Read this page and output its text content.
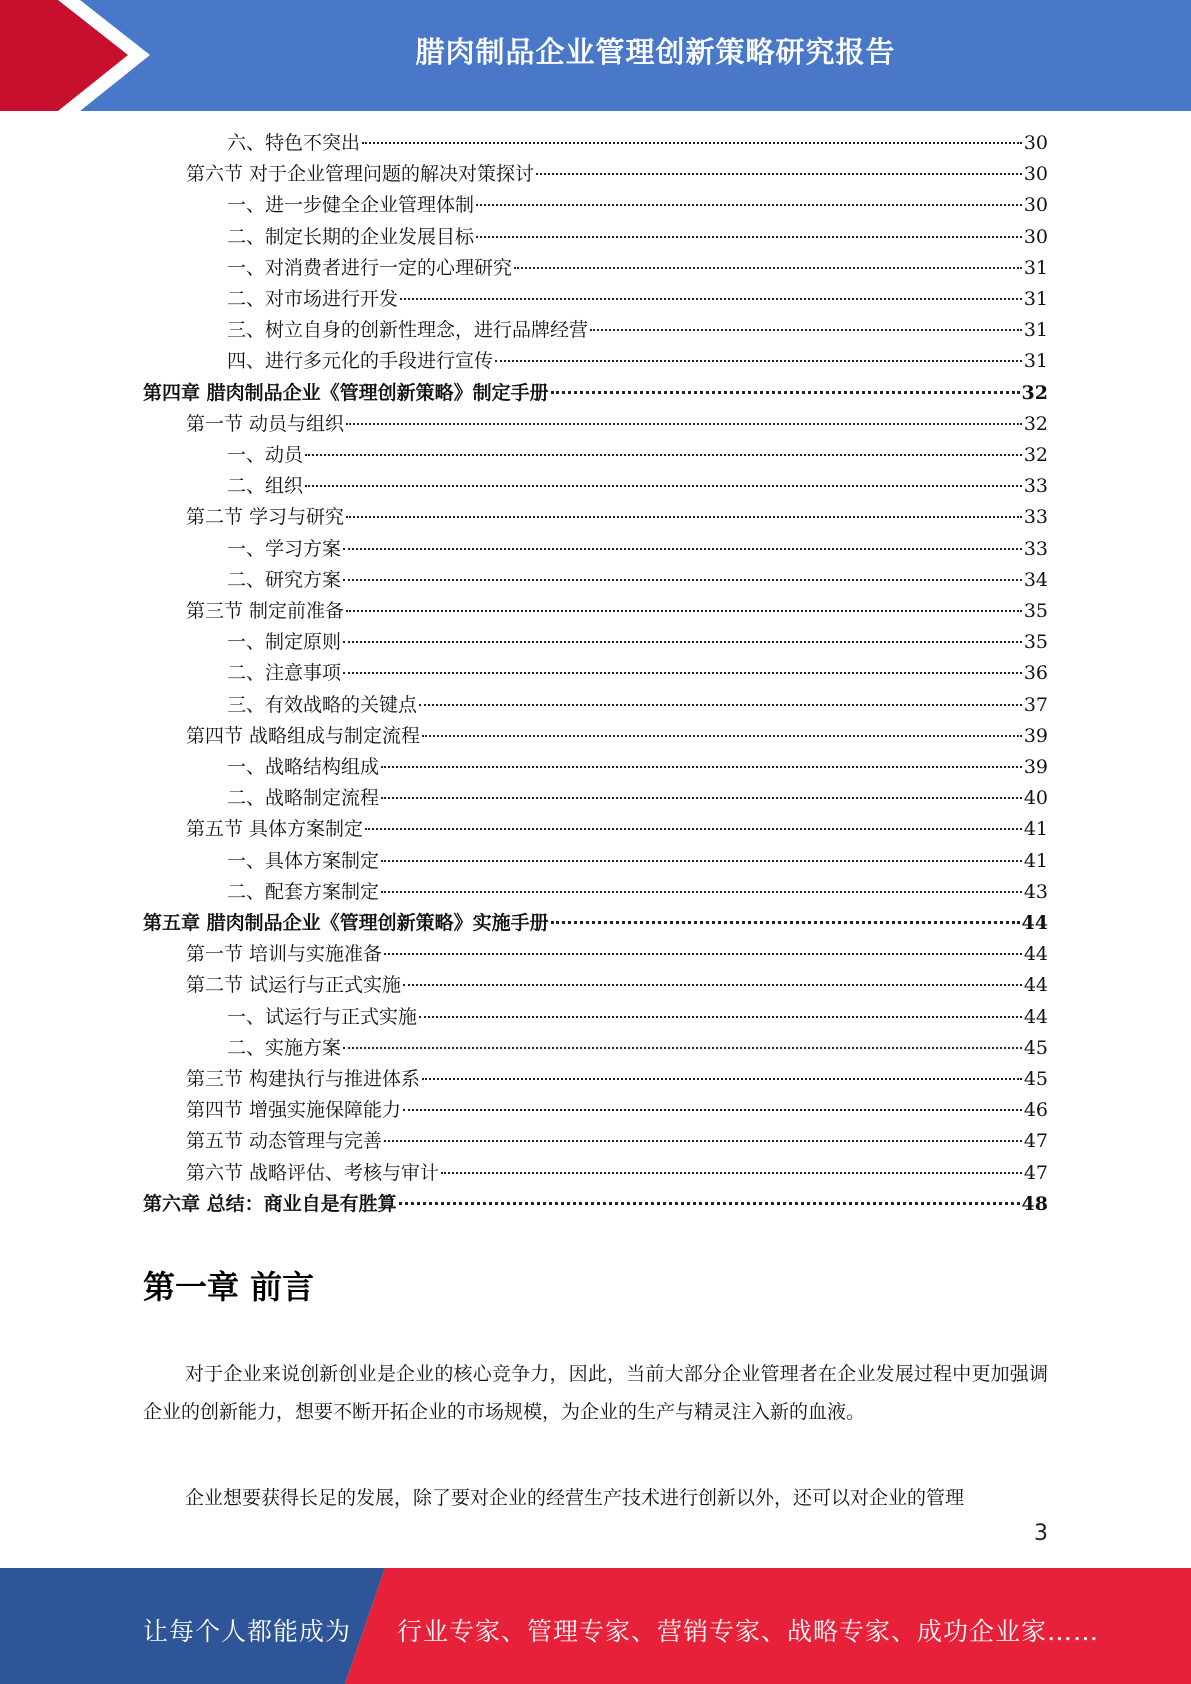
腊肉制品企业管理创新策略研究报告
六、特色不突出	30
第六节 对于企业管理问题的解决对策探讨	30
一、进一步健全企业管理体制	30
二、制定长期的企业发展目标	30
一、对消费者进行一定的心理研究	31
二、对市场进行开发	31
三、树立自身的创新性理念，进行品牌经营	31
四、进行多元化的手段进行宣传	31
第四章 腊肉制品企业《管理创新策略》制定手册	32
第一节 动员与组织	32
一、动员	32
二、组织	33
第二节 学习与研究	33
一、学习方案	33
二、研究方案	34
第三节 制定前准备	35
一、制定原则	35
二、注意事项	36
三、有效战略的关键点	37
第四节 战略组成与制定流程	39
一、战略结构组成	39
二、战略制定流程	40
第五节 具体方案制定	41
一、具体方案制定	41
二、配套方案制定	43
第五章 腊肉制品企业《管理创新策略》实施手册	44
第一节 培训与实施准备	44
第二节 试运行与正式实施	44
一、试运行与正式实施	44
二、实施方案	45
第三节 构建执行与推进体系	45
第四节 增强实施保障能力	46
第五节 动态管理与完善	47
第六节 战略评估、考核与审计	47
第六章 总结：商业自是有胜算	48
第一章 前言

对于企业来说创新创业是企业的核心竞争力，因此，当前大部分企业管理者在企业发展过程中更加强调企业的创新能力，想要不断开拓企业的市场规模，为企业的生产与精灵注入新的血液。

企业想要获得长足的发展，除了要对企业的经营生产技术进行创新以外，还可以对企业的管理

3
让每个人都能成为 行业专家、管理专家、营销专家、战略专家、成功企业家……
